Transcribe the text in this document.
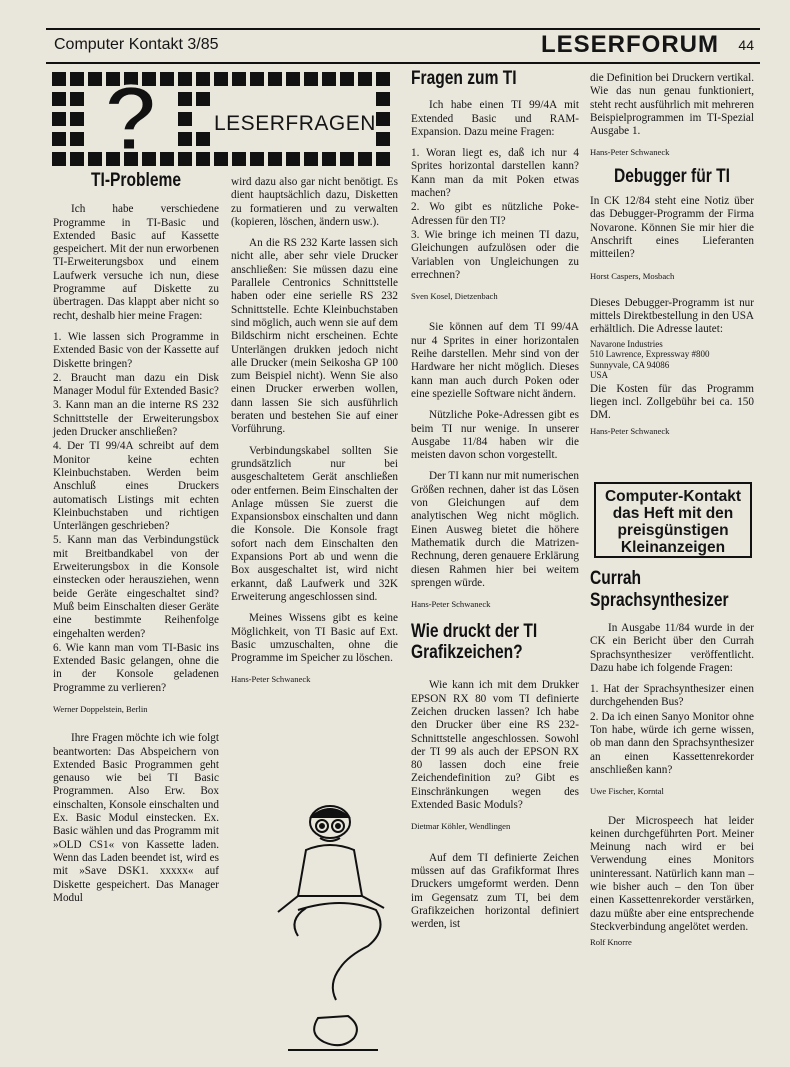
Computer Kontakt 3/85	LESERFORUM 44
?	LESERFRAGEN
TI-Probleme

Ich habe verschiedene Programme in TI-Basic und Extended Basic auf Kassette gespeichert. Mit der nun erworbenen TI-Erweiterungsbox und einem Laufwerk versuche ich nun, diese Programme auf Diskette zu übertragen. Das klappt aber nicht so recht, deshalb hier meine Fragen:

1. Wie lassen sich Programme in Extended Basic von der Kassette auf Diskette bringen?
2. Braucht man dazu ein Disk Manager Modul für Extended Basic?
3. Kann man an die interne RS 232 Schnittstelle der Erweiterungsbox jeden Drucker anschließen?
4. Der TI 99/4A schreibt auf dem Monitor keine echten Kleinbuchstaben. Werden beim Anschluß eines Druckers automatisch Listings mit echten Kleinbuchstaben und richtigen Unterlängen geschrieben?
5. Kann man das Verbindungstück mit Breitbandkabel von der Erweiterungsbox in die Konsole einstecken oder herausziehen, wenn beide Geräte eingeschaltet sind? Muß beim Einschalten dieser Geräte eine bestimmte Reihenfolge eingehalten werden?
6. Wie kann man vom TI-Basic ins Extended Basic gelangen, ohne die in der Konsole geladenen Programme zu verlieren?
Werner Doppelstein, Berlin

Ihre Fragen möchte ich wie folgt beantworten: Das Abspeichern von Extended Basic Programmen geht genauso wie bei TI Basic Programmen. Also Erw. Box einschalten, Konsole einschalten und Ex. Basic Modul einstecken. Ex. Basic wählen und das Programm mit »OLD CS1« von Kassette laden. Wenn das Laden beendet ist, wird es mit »Save DSK1. xxxxx« auf Diskette gespeichert. Das Manager Modul

wird dazu also gar nicht benötigt. Es dient hauptsächlich dazu, Disketten zu formatieren und zu verwalten (kopieren, löschen, ändern usw.).

An die RS 232 Karte lassen sich nicht alle, aber sehr viele Drucker anschließen: Sie müssen dazu eine Parallele Centronics Schnittstelle haben oder eine serielle RS 232 Schnittstelle. Echte Kleinbuchstaben sind möglich, auch wenn sie auf dem Bildschirm nicht erscheinen. Echte Unterlängen drukken jedoch nicht alle Drucker (mein Seikosha GP 100 zum Beispiel nicht). Wenn Sie also einen Drucker erwerben wollen, dann lassen Sie sich ausführlich beraten und bestehen Sie auf einer Vorführung.

Verbindungskabel sollten Sie grundsätzlich nur bei ausgeschaltetem Gerät anschließen oder entfernen. Beim Einschalten der Anlage müssen Sie zuerst die Expansionsbox einschalten und dann die Konsole. Die Konsole fragt sofort nach dem Einschalten den Expansions Port ab und wenn die Box ausgeschaltet ist, wird nicht erkannt, daß Laufwerk und 32K Erweiterung angeschlossen sind.

Meines Wissens gibt es keine Möglichkeit, von TI Basic auf Ext. Basic umzuschalten, ohne die Programme im Speicher zu löschen.

Hans-Peter Schwaneck
Fragen zum TI

Ich habe einen TI 99/4A mit Extended Basic und RAM-Expansion. Dazu meine Fragen:

1. Woran liegt es, daß ich nur 4 Sprites horizontal darstellen kann? Kann man da mit Poken etwas machen?
2. Wo gibt es nützliche Poke-Adressen für den TI?
3. Wie bringe ich meinen TI dazu, Gleichungen aufzulösen oder die Variablen von Ungleichungen zu errechnen?
Sven Kosel, Dietzenbach

Sie können auf dem TI 99/4A nur 4 Sprites in einer horizontalen Reihe darstellen. Mehr sind von der Hardware her nicht möglich. Dieses kann man auch durch Poken oder eine spezielle Software nicht ändern.

Nützliche Poke-Adressen gibt es beim TI nur wenige. In unserer Ausgabe 11/84 haben wir die meisten davon schon vorgestellt.

Der TI kann nur mit numerischen Größen rechnen, daher ist das Lösen von Gleichungen auf dem analytischen Weg nicht möglich. Einen Ausweg bietet die höhere Mathematik durch die Matrizen-Rechnung, deren genauere Erklärung diesen Rahmen hier bei weitem sprengen würde.

Hans-Peter Schwaneck
Wie druckt der TI
Grafikzeichen?

Wie kann ich mit dem Drukker EPSON RX 80 vom TI definierte Zeichen drucken lassen? Ich habe den Drucker über eine RS 232-Schnittstelle angeschlossen. Sowohl der TI 99 als auch der EPSON RX 80 lassen doch eine freie Zeichendefinition zu? Gibt es Einschränkungen wegen des Extended Basic Moduls?

Dietmar Köhler, Wendlingen

Auf dem TI definierte Zeichen müssen auf das Grafikformat Ihres Druckers umgeformt werden. Denn im Gegensatz zum TI, bei dem Grafikzeichen horizontal definiert werden, ist

die Definition bei Druckern vertikal. Wie das nun genau funktioniert, steht recht ausführlich mit mehreren Beispielprogrammen im TI-Spezial Ausgabe 1.

Hans-Peter Schwaneck
Debugger für TI

In CK 12/84 steht eine Notiz über das Debugger-Programm der Firma Novarone. Können Sie mir hier die Anschrift eines Lieferanten mitteilen?

Horst Caspers, Mosbach

Dieses Debugger-Programm ist nur mittels Direktbestellung in den USA erhältlich. Die Adresse lautet:

Navarone Industries
510 Lawrence, Expressway #800
Sunnyvale, CA 94086
USA

Die Kosten für das Programm liegen incl. Zollgebühr bei ca. 150 DM.

Hans-Peter Schwaneck
Computer-Kontakt
das Heft mit den
preisgünstigen
Kleinanzeigen
Currah
Sprachsynthesizer

In Ausgabe 11/84 wurde in der CK ein Bericht über den Currah Sprachsynthesizer veröffentlicht. Dazu habe ich folgende Fragen:

1. Hat der Sprachsynthesizer einen durchgehenden Bus?
2. Da ich einen Sanyo Monitor ohne Ton habe, würde ich gerne wissen, ob man dann den Sprachsynthesizer an einen Kassettenrekorder anschließen kann?
Uwe Fischer, Korntal

Der Microspeech hat leider keinen durchgeführten Port. Meiner Meinung nach wird er bei Verwendung eines Monitors uninteressant. Natürlich kann man – wie bisher auch – den Ton über einen Kassettenrekorder verstärken, dazu müßte aber eine entsprechende Steckverbindung angelötet werden.

Rolf Knorre
